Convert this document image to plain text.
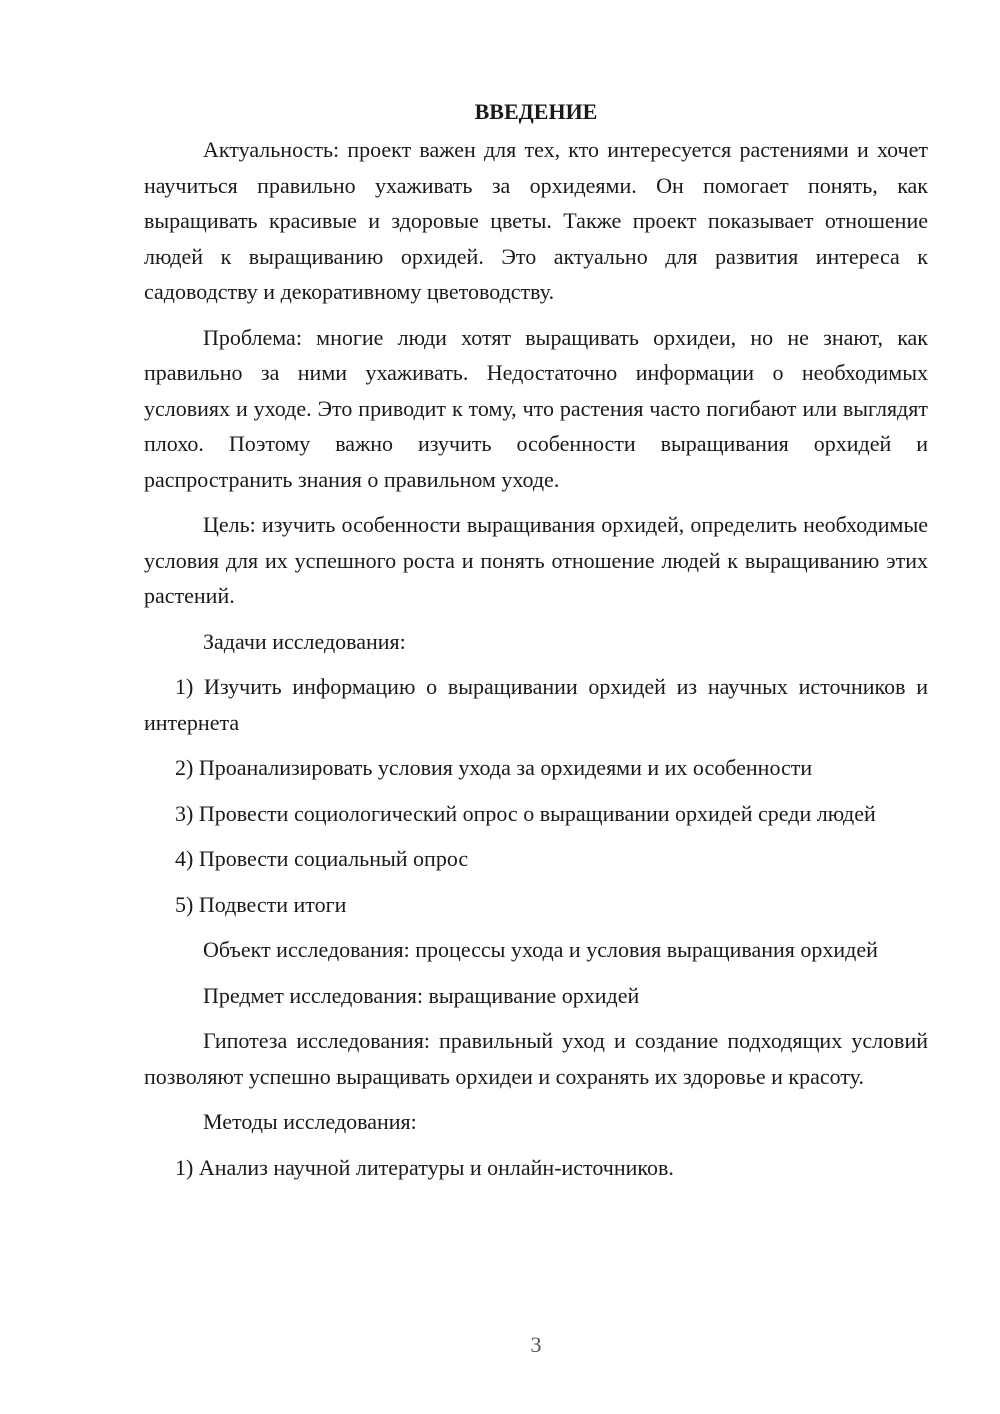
ВВЕДЕНИЕ

Актуальность: проект важен для тех, кто интересуется растениями и хочет научиться правильно ухаживать за орхидеями. Он помогает понять, как выращивать красивые и здоровые цветы. Также проект показывает отношение людей к выращиванию орхидей. Это актуально для развития интереса к садоводству и декоративному цветоводству.

Проблема: многие люди хотят выращивать орхидеи, но не знают, как правильно за ними ухаживать. Недостаточно информации о необходимых условиях и уходе. Это приводит к тому, что растения часто погибают или выглядят плохо. Поэтому важно изучить особенности выращивания орхидей и распространить знания о правильном уходе.

Цель: изучить особенности выращивания орхидей, определить необходимые условия для их успешного роста и понять отношение людей к выращиванию этих растений.

Задачи исследования:

1) Изучить информацию о выращивании орхидей из научных источников и интернета

2) Проанализировать условия ухода за орхидеями и их особенности

3) Провести социологический опрос о выращивании орхидей среди людей

4) Провести социальный опрос

5) Подвести итоги

Объект исследования: процессы ухода и условия выращивания орхидей

Предмет исследования: выращивание орхидей

Гипотеза исследования: правильный уход и создание подходящих условий позволяют успешно выращивать орхидеи и сохранять их здоровье и красоту.

Методы исследования:

1) Анализ научной литературы и онлайн-источников.

3
